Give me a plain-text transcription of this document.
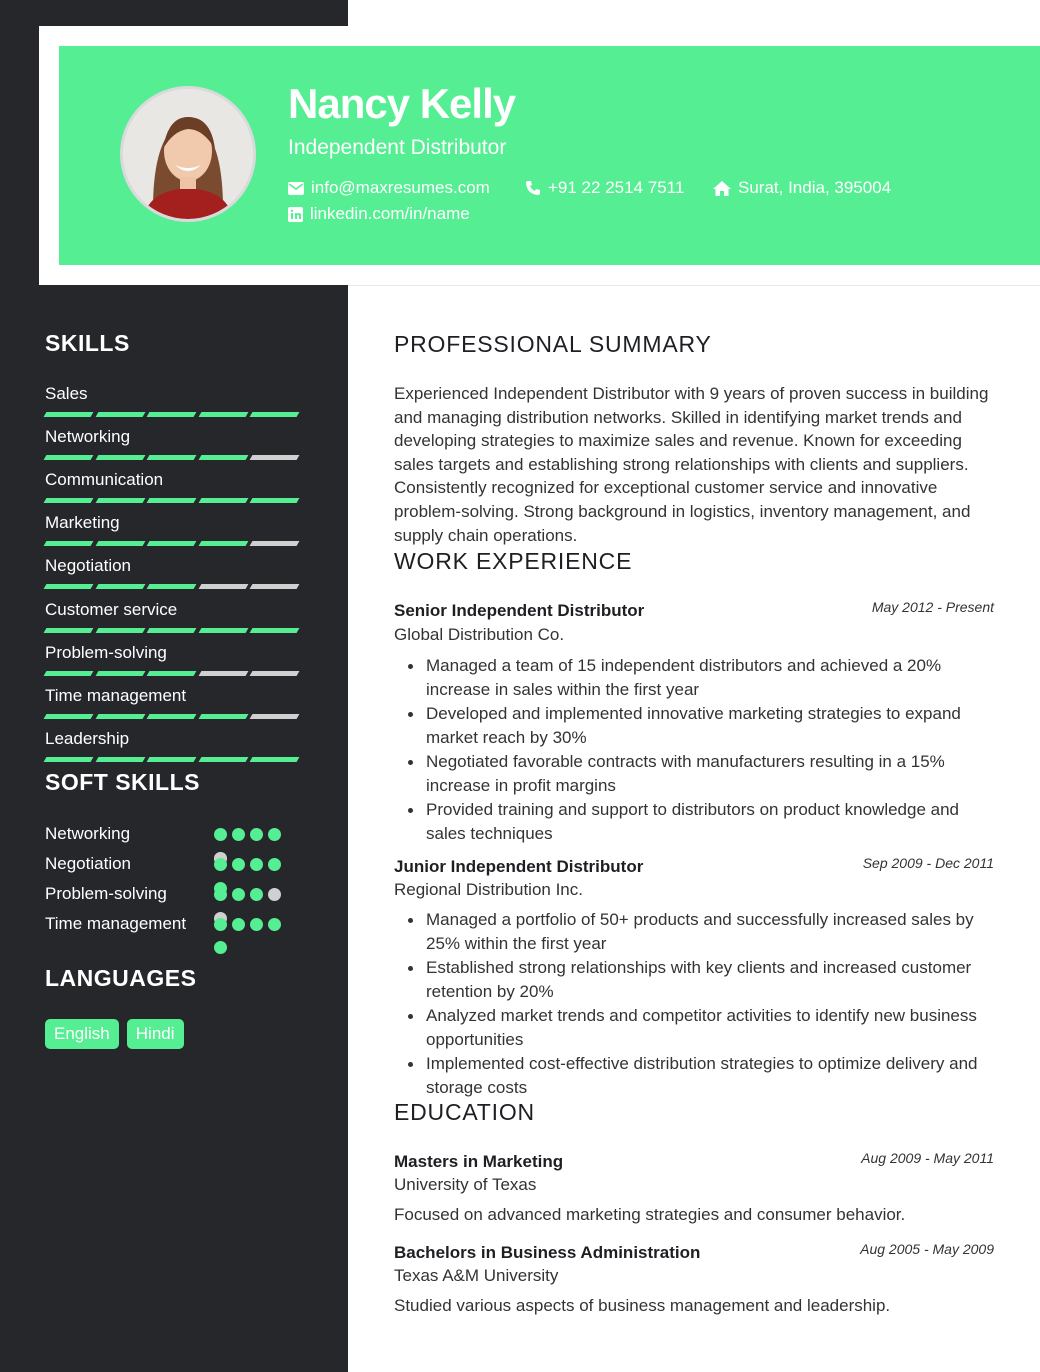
Nancy Kelly
Independent Distributor
info@maxresumes.com	+91 22 2514 7511	Surat, India, 395004
linkedin.com/in/name
SKILLS
Sales
Networking
Communication
Marketing
Negotiation
Customer service
Problem-solving
Time management
Leadership
SOFT SKILLS
Networking
Negotiation
Problem-solving
Time management
LANGUAGES
English	Hindi
PROFESSIONAL SUMMARY
Experienced Independent Distributor with 9 years of proven success in building and managing distribution networks. Skilled in identifying market trends and developing strategies to maximize sales and revenue. Known for exceeding sales targets and establishing strong relationships with clients and suppliers. Consistently recognized for exceptional customer service and innovative problem-solving. Strong background in logistics, inventory management, and supply chain operations.
WORK EXPERIENCE
Senior Independent Distributor	May 2012 - Present
Global Distribution Co.
Managed a team of 15 independent distributors and achieved a 20% increase in sales within the first year
Developed and implemented innovative marketing strategies to expand market reach by 30%
Negotiated favorable contracts with manufacturers resulting in a 15% increase in profit margins
Provided training and support to distributors on product knowledge and sales techniques
Junior Independent Distributor	Sep 2009 - Dec 2011
Regional Distribution Inc.
Managed a portfolio of 50+ products and successfully increased sales by 25% within the first year
Established strong relationships with key clients and increased customer retention by 20%
Analyzed market trends and competitor activities to identify new business opportunities
Implemented cost-effective distribution strategies to optimize delivery and storage costs
EDUCATION
Masters in Marketing	Aug 2009 - May 2011
University of Texas
Focused on advanced marketing strategies and consumer behavior.
Bachelors in Business Administration	Aug 2005 - May 2009
Texas A&M University
Studied various aspects of business management and leadership.
